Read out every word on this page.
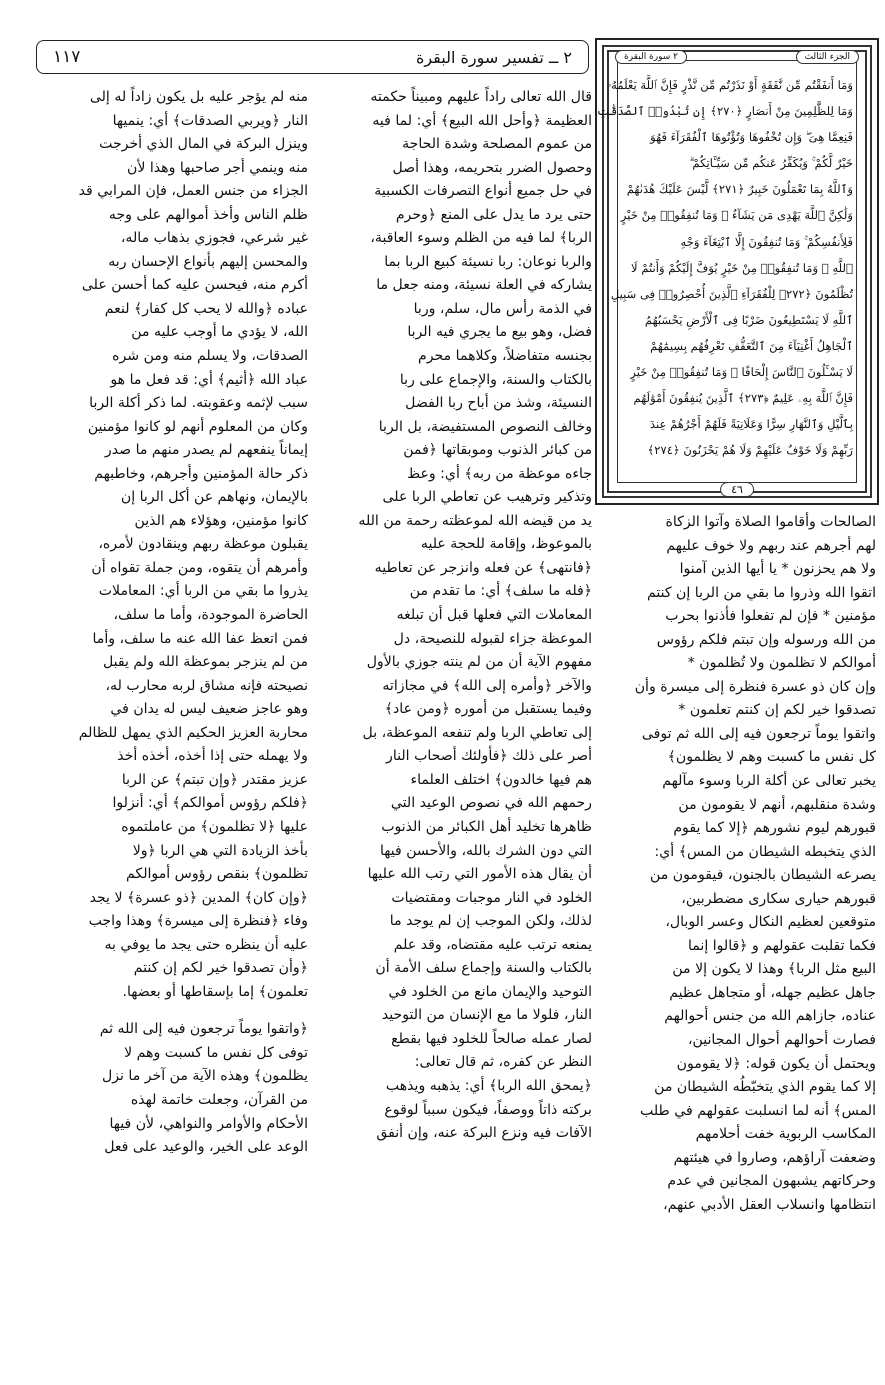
١١٧	٢ ــ تفسير سورة البقرة	الجزء الثالث
٢ سورة البقرة
وَمَا أَنفَقْتُم مِّن نَّفَقَةٍ أَوْ نَذَرْتُم مِّن نَّذْرٍ فَإِنَّ ٱللَّهَ يَعْلَمُهُۥ
وَمَا لِلظَّٰلِمِينَ مِنْ أَنصَارٍ ﴿٢٧٠﴾ إِن تُبْدُوا۟ ٱلصَّدَقَٰتِ
فَنِعِمَّا هِىَ ۖ وَإِن تُخْفُوهَا وَتُؤْتُوهَا ٱلْفُقَرَآءَ فَهُوَ
خَيْرٌ لَّكُمْ ۚ وَيُكَفِّرُ عَنكُم مِّن سَيِّـَٔاتِكُمْ ۗ
وَٱللَّهُ بِمَا تَعْمَلُونَ خَبِيرٌ ﴿٢٧١﴾ لَّيْسَ عَلَيْكَ هُدَىٰهُمْ
وَلَٰكِنَّ ٱللَّهَ يَهْدِى مَن يَشَآءُ ۗ وَمَا تُنفِقُوا۟ مِنْ خَيْرٍ
فَلِأَنفُسِكُمْ ۚ وَمَا تُنفِقُونَ إِلَّا ٱبْتِغَآءَ وَجْهِ
ٱللَّهِ ۚ وَمَا تُنفِقُوا۟ مِنْ خَيْرٍ يُوَفَّ إِلَيْكُمْ وَأَنتُمْ لَا
تُظْلَمُونَ ﴿٢٧٢﴾ لِلْفُقَرَآءِ ٱلَّذِينَ أُحْصِرُوا۟ فِى سَبِيلِ
ٱللَّهِ لَا يَسْتَطِيعُونَ ضَرْبًا فِى ٱلْأَرْضِ يَحْسَبُهُمُ
ٱلْجَاهِلُ أَغْنِيَآءَ مِنَ ٱلتَّعَفُّفِ تَعْرِفُهُم بِسِيمَٰهُمْ
لَا يَسْـَٔلُونَ ٱلنَّاسَ إِلْحَافًا ۗ وَمَا تُنفِقُوا۟ مِنْ خَيْرٍ
فَإِنَّ ٱللَّهَ بِهِۦ عَلِيمٌ ﴿٢٧٣﴾ ٱلَّذِينَ يُنفِقُونَ أَمْوَٰلَهُم
بِٱلَّيْلِ وَٱلنَّهَارِ سِرًّا وَعَلَانِيَةً فَلَهُمْ أَجْرُهُمْ عِندَ
رَبِّهِمْ وَلَا خَوْفٌ عَلَيْهِمْ وَلَا هُمْ يَحْزَنُونَ ﴿٢٧٤﴾
٤٦
الصالحات وأقاموا الصلاة وآتوا الزكاة
لهم أجرهم عند ربهم ولا خوف عليهم
ولا هم يحزنون * يا أيها الذين آمنوا
اتقوا الله وذروا ما بقي من الربا إن كنتم
مؤمنين * فإن لم تفعلوا فأذنوا بحرب
من الله ورسوله وإن تبتم فلكم رؤوس
أموالكم لا تظلمون ولا تُظلمون *
وإن كان ذو عسرة فنظرة إلى ميسرة وأن
تصدقوا خير لكم إن كنتم تعلمون *
واتقوا يوماً ترجعون فيه إلى الله ثم توفى
كل نفس ما كسبت وهم لا يظلمون﴾
يخبر تعالى عن أكلة الربا وسوء مآلهم
وشدة منقلبهم، أنهم لا يقومون من
قبورهم ليوم نشورهم ﴿إلا كما يقوم
الذي يتخبطه الشيطان من المس﴾ أي:
يصرعه الشيطان بالجنون، فيقومون من
قبورهم حيارى سكارى مضطربين،
متوقعين لعظيم النكال وعسر الوبال،
فكما تقلبت عقولهم و ﴿قالوا إنما
البيع مثل الربا﴾ وهذا لا يكون إلا من
جاهل عظيم جهله، أو متجاهل عظيم
عناده، جازاهم الله من جنس أحوالهم
فصارت أحوالهم أحوال المجانين،
ويحتمل أن يكون قوله: ﴿لا يقومون
إلا كما يقوم الذي يتخبّطُه الشيطان من
المس﴾ أنه لما انسلبت عقولهم في طلب
المكاسب الربوية خفت أحلامهم
وضعفت آراؤهم، وصاروا في هيئتهم
وحركاتهم يشبهون المجانين في عدم
انتظامها وانسلاب العقل الأدبي عنهم،
قال الله تعالى راداً عليهم ومبيناً حكمته
العظيمة ﴿وأحل الله البيع﴾ أي: لما فيه
من عموم المصلحة وشدة الحاجة
وحصول الضرر بتحريمه، وهذا أصل
في حل جميع أنواع التصرفات الكسبية
حتى يرد ما يدل على المنع ﴿وحرم
الربا﴾ لما فيه من الظلم وسوء العاقبة،
والربا نوعان: ربا نسيئة كبيع الربا بما
يشاركه في العلة نسيئة، ومنه جعل ما
في الذمة رأس مال، سلم، وربا
فضل، وهو بيع ما يجري فيه الربا
بجنسه متفاضلاً، وكلاهما محرم
بالكتاب والسنة، والإجماع على ربا
النسيئة، وشذ من أباح ربا الفضل
وخالف النصوص المستفيضة، بل الربا
من كبائر الذنوب وموبقاتها ﴿فمن
جاءه موعظة من ربه﴾ أي: وعظ
وتذكير وترهيب عن تعاطي الربا على
يد من قيضه الله لموعظته رحمة من الله
بالموعوظ، وإقامة للحجة عليه
﴿فانتهى﴾ عن فعله وانزجر عن تعاطيه
﴿فله ما سلف﴾ أي: ما تقدم من
المعاملات التي فعلها قبل أن تبلغه
الموعظة جزاء لقبوله للنصيحة، دل
مفهوم الآية أن من لم ينته جوزي بالأول
والآخر ﴿وأمره إلى الله﴾ في مجازاته
وفيما يستقبل من أموره ﴿ومن عاد﴾
إلى تعاطي الربا ولم تنفعه الموعظة، بل
أصر على ذلك ﴿فأولئك أصحاب النار
هم فيها خالدون﴾ اختلف العلماء
رحمهم الله في نصوص الوعيد التي
ظاهرها تخليد أهل الكبائر من الذنوب
التي دون الشرك بالله، والأحسن فيها
أن يقال هذه الأمور التي رتب الله عليها
الخلود في النار موجبات ومقتضيات
لذلك، ولكن الموجب إن لم يوجد ما
يمنعه ترتب عليه مقتضاه، وقد علم
بالكتاب والسنة وإجماع سلف الأمة أن
التوحيد والإيمان مانع من الخلود في
النار، فلولا ما مع الإنسان من التوحيد
لصار عمله صالحاً للخلود فيها بقطع
النظر عن كفره، ثم قال تعالى:
﴿يمحق الله الربا﴾ أي: يذهبه ويذهب
بركته ذاتاً ووصفاً، فيكون سبباً لوقوع
الآفات فيه ونزع البركة عنه، وإن أنفق
منه لم يؤجر عليه بل يكون زاداً له إلى
النار ﴿ويربي الصدقات﴾ أي: ينميها
وينزل البركة في المال الذي أخرجت
منه وينمي أجر صاحبها وهذا لأن
الجزاء من جنس العمل، فإن المرابي قد
ظلم الناس وأخذ أموالهم على وجه
غير شرعي، فجوزي بذهاب ماله،
والمحسن إليهم بأنواع الإحسان ربه
أكرم منه، فيحسن عليه كما أحسن على
عباده ﴿والله لا يحب كل كفار﴾ لنعم
الله، لا يؤدي ما أوجب عليه من
الصدقات، ولا يسلم منه ومن شره
عباد الله ﴿أثيم﴾ أي: قد فعل ما هو
سبب لإثمه وعقوبته. لما ذكر أكلة الربا
وكان من المعلوم أنهم لو كانوا مؤمنين
إيماناً ينفعهم لم يصدر منهم ما صدر
ذكر حالة المؤمنين وأجرهم، وخاطبهم
بالإيمان، ونهاهم عن أكل الربا إن
كانوا مؤمنين، وهؤلاء هم الذين
يقبلون موعظة ربهم وينقادون لأمره،
وأمرهم أن يتقوه، ومن جملة تقواه أن
يذروا ما بقي من الربا أي: المعاملات
الحاضرة الموجودة، وأما ما سلف،
فمن اتعظ عفا الله عنه ما سلف، وأما
من لم ينزجر بموعظة الله ولم يقبل
نصيحته فإنه مشاق لربه محارب له،
وهو عاجز ضعيف ليس له يدان في
محاربة العزيز الحكيم الذي يمهل للظالم
ولا يهمله حتى إذا أخذه، أخذه أخذ
عزيز مقتدر ﴿وإن تبتم﴾ عن الربا
﴿فلكم رؤوس أموالكم﴾ أي: أنزلوا
عليها ﴿لا تظلمون﴾ من عاملتموه
بأخذ الزيادة التي هي الربا ﴿ولا
تظلمون﴾ بنقص رؤوس أموالكم
﴿وإن كان﴾ المدين ﴿ذو عسرة﴾ لا يجد
وفاء ﴿فنظرة إلى ميسرة﴾ وهذا واجب
عليه أن ينظره حتى يجد ما يوفي به
﴿وأن تصدقوا خير لكم إن كنتم
تعلمون﴾ إما بإسقاطها أو بعضها.
﴿واتقوا يوماً ترجعون فيه إلى الله ثم
توفى كل نفس ما كسبت وهم لا
يظلمون﴾ وهذه الآية من آخر ما نزل
من القرآن، وجعلت خاتمة لهذه
الأحكام والأوامر والنواهي، لأن فيها
الوعد على الخير، والوعيد على فعل
